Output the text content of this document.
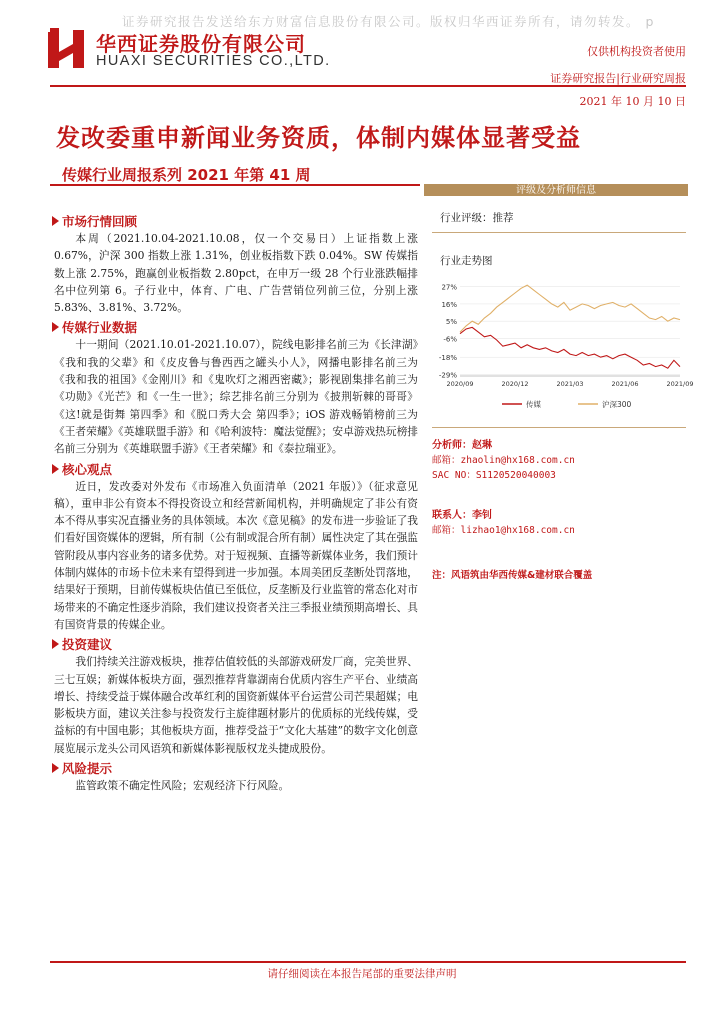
证券研究报告发送给东方财富信息股份有限公司。版权归华西证券所有，请勿转发。 p
华西证券股份有限公司
HUAXI SECURITIES CO.,LTD.
仅供机构投资者使用
证券研究报告|行业研究周报
2021 年 10 月 10 日
发改委重申新闻业务资质，体制内媒体显著受益
传媒行业周报系列 2021 年第 41 周
市场行情回顾

本周（2021.10.04-2021.10.08，仅一个交易日）上证指数上涨 0.67%，沪深 300 指数上涨 1.31%，创业板指数下跌 0.04%。SW 传媒指数上涨 2.75%，跑赢创业板指数 2.80pct，在申万一级 28 个行业涨跌幅排名中位列第 6。子行业中，体育、广电、广告营销位列前三位，分别上涨 5.83%、3.81%、3.72%。

传媒行业数据

十一期间（2021.10.01-2021.10.07），院线电影排名前三为《长津湖》《我和我的父辈》和《皮皮鲁与鲁西西之罐头小人》，网播电影排名前三为《我和我的祖国》《金刚川》和《鬼吹灯之湘西密藏》；影视剧集排名前三为《功勋》《光芒》和《一生一世》；综艺排名前三分别为《披荆斩棘的哥哥》《这!就是街舞 第四季》和《脱口秀大会 第四季》；iOS 游戏畅销榜前三为《王者荣耀》《英雄联盟手游》和《哈利波特：魔法觉醒》；安卓游戏热玩榜排名前三分别为《英雄联盟手游》《王者荣耀》和《泰拉瑞亚》。

核心观点

近日，发改委对外发布《市场准入负面清单（2021 年版）》（征求意见稿），重申非公有资本不得投资设立和经营新闻机构，并明确规定了非公有资本不得从事实况直播业务的具体领域。本次《意见稿》的发布进一步验证了我们看好国资媒体的逻辑，所有制（公有制或混合所有制）属性决定了其在强监管附段从事内容业务的诸多优势。对于短视频、直播等新媒体业务，我们预计体制内媒体的市场卡位未来有望得到进一步加强。本周美团反垄断处罚落地，结果好于预期，目前传媒板块估值已至低位，反垄断及行业监管的常态化对市场带来的不确定性逐步消除，我们建议投资者关注三季报业绩预期高增长、具有国资背景的传媒企业。

投资建议

我们持续关注游戏板块，推荐估值较低的头部游戏研发厂商，完美世界、三七互娱；新媒体板块方面，强烈推荐背靠湖南台优质内容生产平台、业绩高增长、持续受益于媒体融合改革红利的国资新媒体平台运营公司芒果超媒；电影板块方面，建议关注参与投资发行主旋律题材影片的优质标的光线传媒，受益标的有中国电影；其他板块方面，推荐受益于“文化大基建”的数字文化创意展览展示龙头公司风语筑和新媒体影视版权龙头捷成股份。

风险提示

监管政策不确定性风险；宏观经济下行风险。

评级及分析师信息
行业评级：推荐
行业走势图
27%
16%
5%
-6%
-18%
-29%
2020/09	2020/12	2021/03	2021/06	2021/09
传媒	沪深300
分析师：赵琳
邮箱：zhaolin@hx168.com.cn
SAC NO：S1120520040003
联系人：李钊
邮箱：lizhao1@hx168.com.cn
注：风语筑由华西传媒&建材联合覆盖
请仔细阅读在本报告尾部的重要法律声明
